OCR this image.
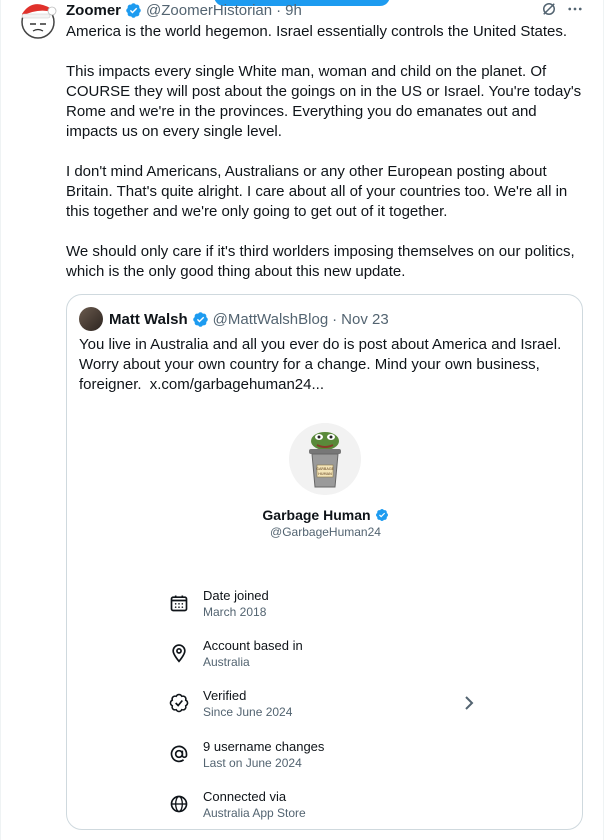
Zoomer @ZoomerHistorian · 9h

America is the world hegemon. Israel essentially controls the United States.

This impacts every single White man, woman and child on the planet. Of COURSE they will post about the goings on in the US or Israel. You're today's Rome and we're in the provinces. Everything you do emanates out and impacts us on every single level.

I don't mind Americans, Australians or any other European posting about Britain. That's quite alright. I care about all of your countries too. We're all in this together and we're only going to get out of it together.

We should only care if it's third worlders imposing themselves on our politics, which is the only good thing about this new update.

Matt Walsh @MattWalshBlog · Nov 23
You live in Australia and all you ever do is post about America and Israel. Worry about your own country for a change. Mind your own business, foreigner. x.com/garbagehuman24...
GARBAGE
HUMAN
Garbage Human
@GarbageHuman24
Date joined
March 2018
Account based in
Australia
Verified
Since June 2024
9 username changes
Last on June 2024
Connected via
Australia App Store
